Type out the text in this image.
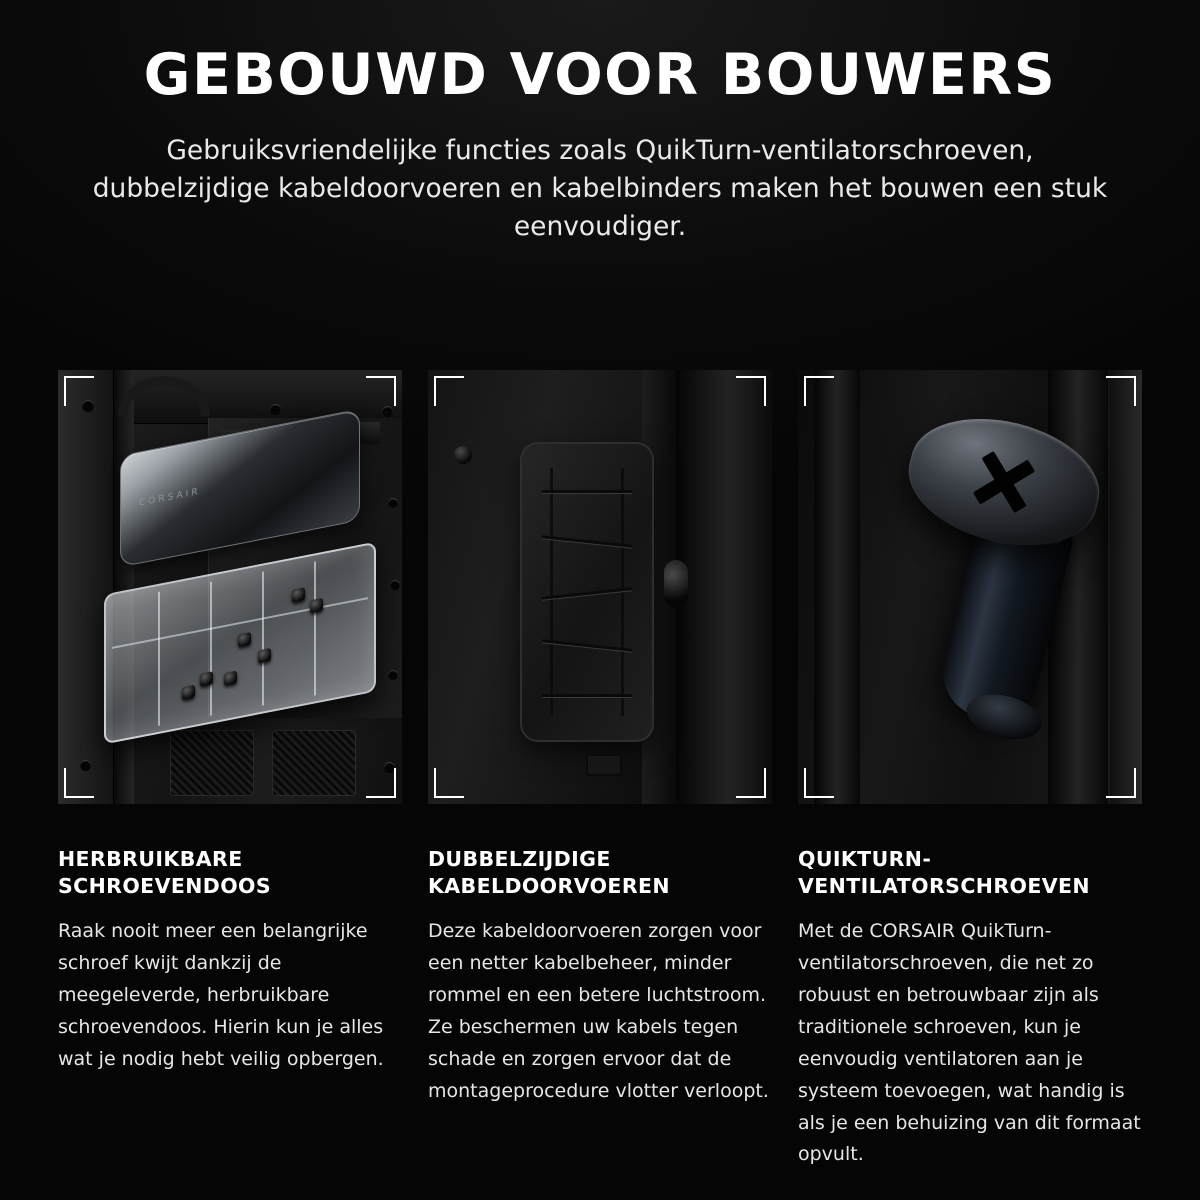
GEBOUWD VOOR BOUWERS

Gebruiksvriendelijke functies zoals QuikTurn-ventilatorschroeven, dubbelzijdige kabeldoorvoeren en kabelbinders maken het bouwen een stuk eenvoudiger.

CORSAIR
HERBRUIKBARE SCHROEVENDOOS

Raak nooit meer een belangrijke schroef kwijt dankzij de meegeleverde, herbruikbare schroevendoos. Hierin kun je alles wat je nodig hebt veilig opbergen.

DUBBELZIJDIGE KABELDOORVOEREN

Deze kabeldoorvoeren zorgen voor een netter kabelbeheer, minder rommel en een betere luchtstroom. Ze beschermen uw kabels tegen schade en zorgen ervoor dat de montageprocedure vlotter verloopt.

QUIKTURN-VENTILATORSCHROEVEN

Met de CORSAIR QuikTurn-ventilatorschroeven, die net zo robuust en betrouwbaar zijn als traditionele schroeven, kun je eenvoudig ventilatoren aan je systeem toevoegen, wat handig is als je een behuizing van dit formaat opvult.
